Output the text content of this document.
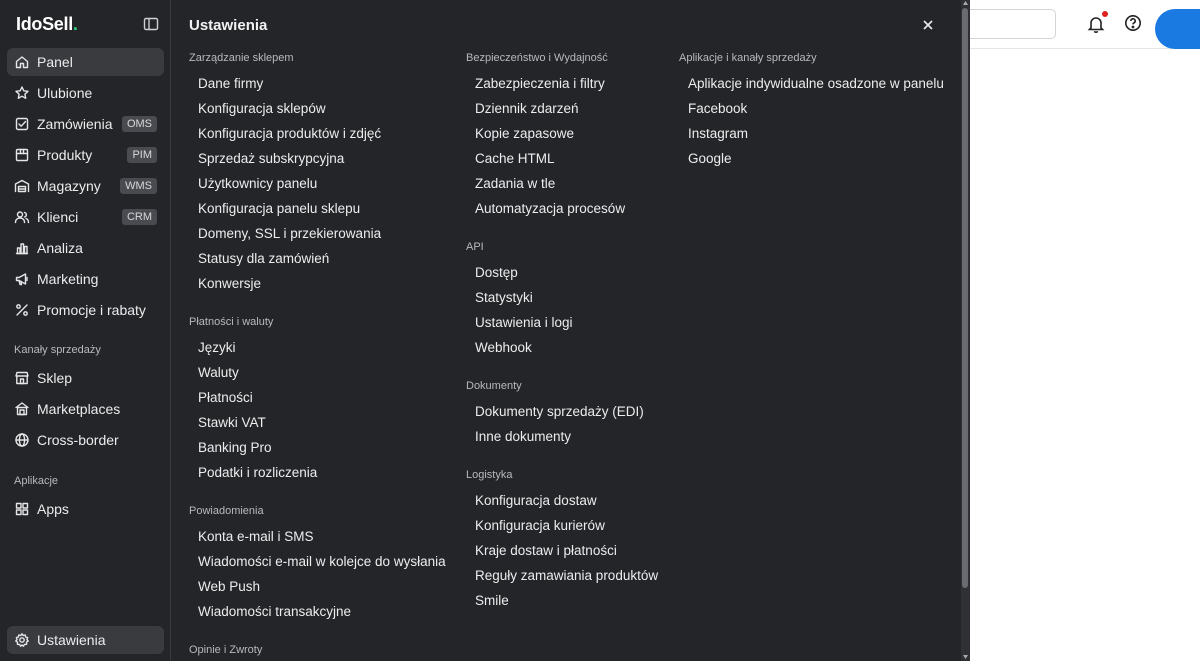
IdoSell.
Panel
Ulubione
Zamówienia	OMS
Produkty	PIM
Magazyny	WMS
Klienci	CRM
Analiza
Marketing
Promocje i rabaty
Kanały sprzedaży
Sklep
Marketplaces
Cross-border
Aplikacje
Apps
Ustawienia
Ustawienia
Zarządzanie sklepem
Dane firmy
Konfiguracja sklepów
Konfiguracja produktów i zdjęć
Sprzedaż subskrypcyjna
Użytkownicy panelu
Konfiguracja panelu sklepu
Domeny, SSL i przekierowania
Statusy dla zamówień
Konwersje
Płatności i waluty
Języki
Waluty
Płatności
Stawki VAT
Banking Pro
Podatki i rozliczenia
Powiadomienia
Konta e-mail i SMS
Wiadomości e-mail w kolejce do wysłania
Web Push
Wiadomości transakcyjne
Opinie i Zwroty
Bezpieczeństwo i Wydajność
Zabezpieczenia i filtry
Dziennik zdarzeń
Kopie zapasowe
Cache HTML
Zadania w tle
Automatyzacja procesów
API
Dostęp
Statystyki
Ustawienia i logi
Webhook
Dokumenty
Dokumenty sprzedaży (EDI)
Inne dokumenty
Logistyka
Konfiguracja dostaw
Konfiguracja kurierów
Kraje dostaw i płatności
Reguły zamawiania produktów
Smile
Aplikacje i kanały sprzedaży
Aplikacje indywidualne osadzone w panelu
Facebook
Instagram
Google
